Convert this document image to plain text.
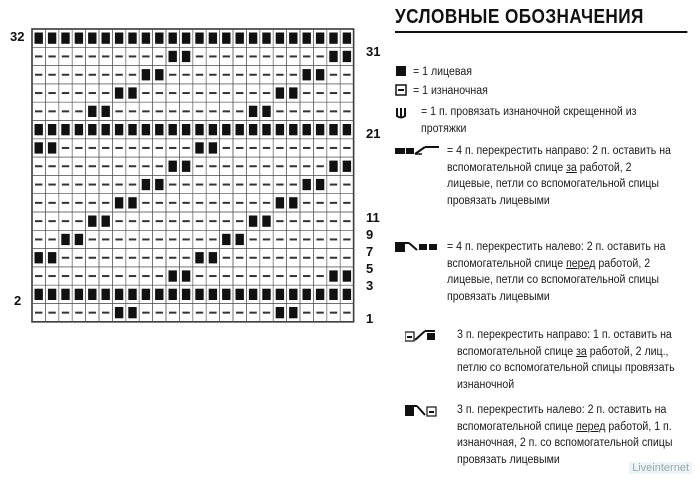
32
2
31
21
11
9
7
5
3
1
УСЛОВНЫЕ ОБОЗНАЧЕНИЯ
= 1 лицевая
= 1 изнаночная
= 1 п. провязать изнаночной скрещенной из протяжки
= 4 п. перекрестить направо: 2 п. оставить на вспомогательной спице за работой, 2 лицевые, петли со вспомогательной спицы провязать лицевыми
= 4 п. перекрестить налево: 2 п. оставить на вспомогательной спице перед работой, 2 лицевые, петли со вспомогательной спицы провязать лицевыми
3 п. перекрестить направо: 1 п. оставить на вспомогательной спице за работой, 2 лиц., петлю со вспомогательной спицы провязать изнаночной
3 п. перекрестить налево: 2 п. оставить на вспомогательной спице перед работой, 1 п. изнаночная, 2 п. со вспомогательной спицы провязать лицевыми
Liveinternet
